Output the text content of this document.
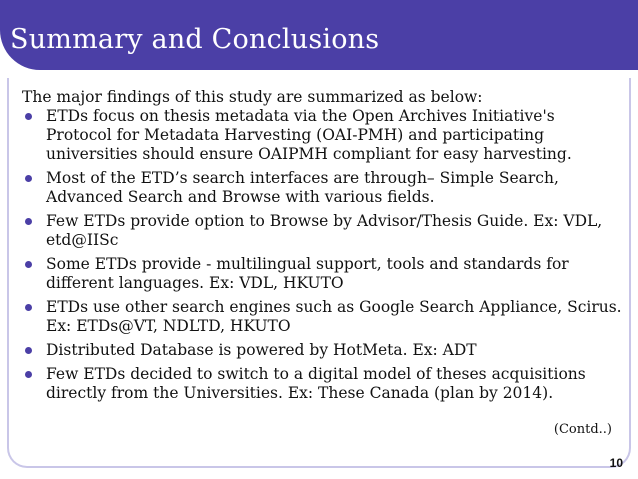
Summary and Conclusions

The major findings of this study are summarized as below:

ETDs focus on thesis metadata via the Open Archives Initiative's Protocol for Metadata Harvesting (OAI-PMH) and participating universities should ensure OAIPMH compliant for easy harvesting.
Most of the ETD’s search interfaces are through– Simple Search, Advanced Search and Browse with various fields.
Few ETDs provide option to Browse by Advisor/Thesis Guide. Ex: VDL, etd@IISc
Some ETDs provide - multilingual support, tools and standards for different languages. Ex: VDL, HKUTO
ETDs use other search engines such as Google Search Appliance, Scirus. Ex: ETDs@VT, NDLTD, HKUTO
Distributed Database is powered by HotMeta. Ex: ADT
Few ETDs decided to switch to a digital model of theses acquisitions directly from the Universities. Ex: These Canada (plan by 2014).
(Contd..)
10
